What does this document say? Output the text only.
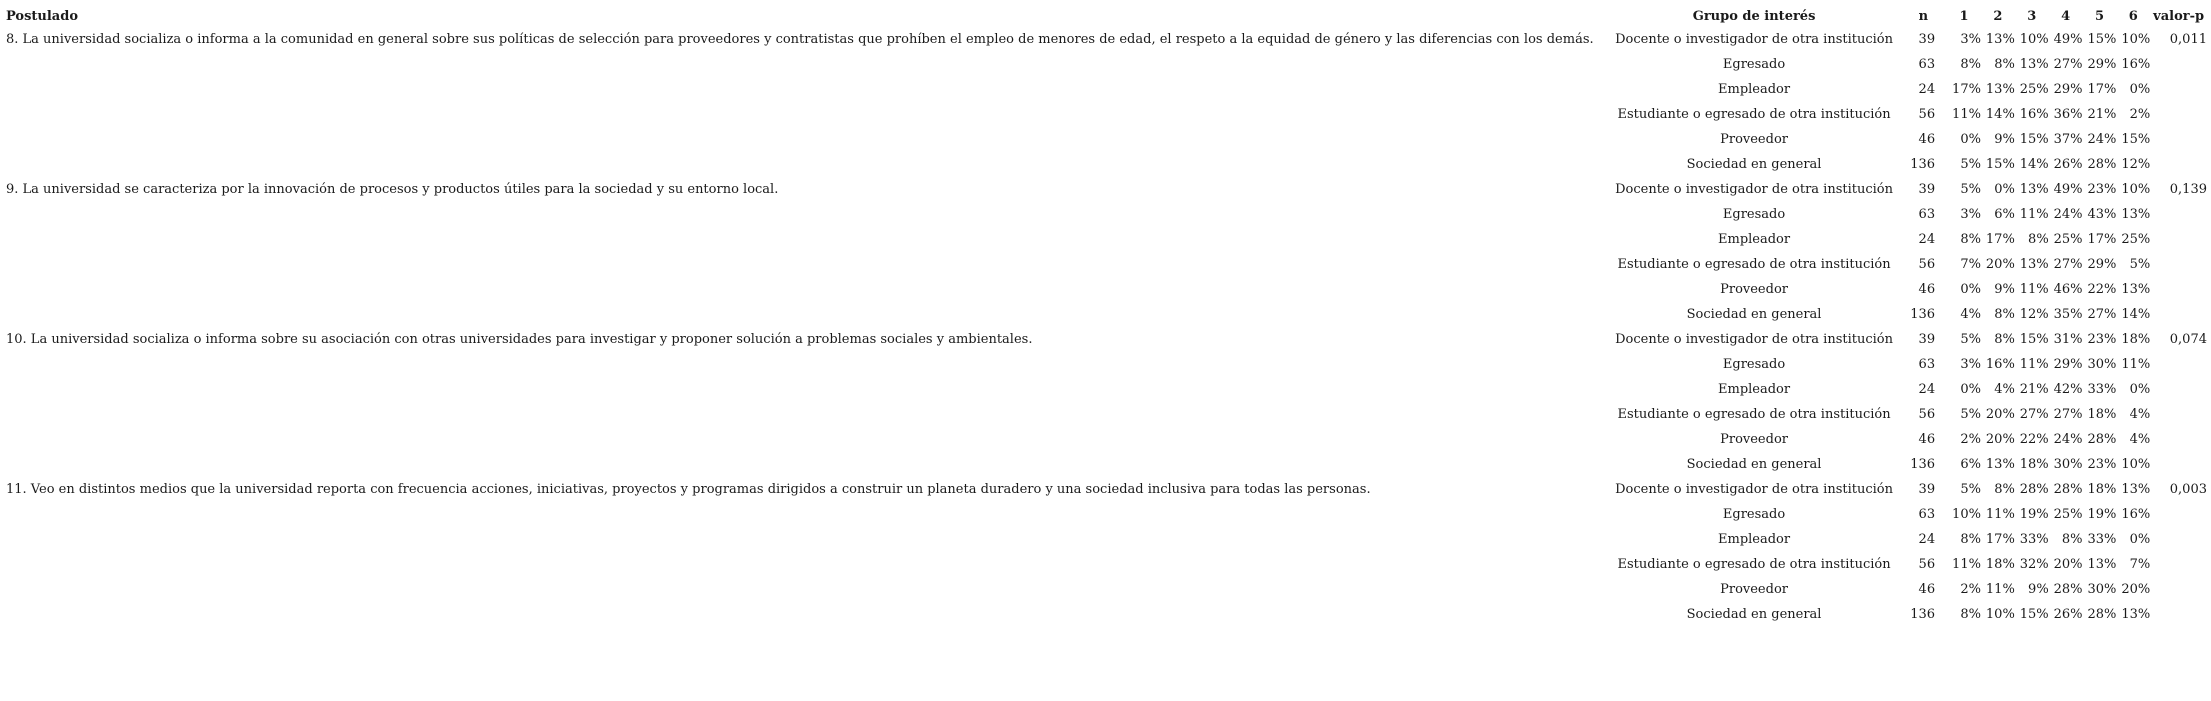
Postulado	Grupo de interés	n	1	2	3	4	5	6	valor-p
8. La universidad socializa o informa a la comunidad en general sobre sus políticas de selección para proveedores y contratistas que prohíben el empleo de menores de edad, el respeto a la equidad de género y las diferencias con los demás.	Docente o investigador de otra institución	39	3%	13%	10%	49%	15%	10%	0,011
	Egresado	63	8%	8%	13%	27%	29%	16%	
	Empleador	24	17%	13%	25%	29%	17%	0%	
	Estudiante o egresado de otra institución	56	11%	14%	16%	36%	21%	2%	
	Proveedor	46	0%	9%	15%	37%	24%	15%	
	Sociedad en general	136	5%	15%	14%	26%	28%	12%	
9. La universidad se caracteriza por la innovación de procesos y productos útiles para la sociedad y su entorno local.	Docente o investigador de otra institución	39	5%	0%	13%	49%	23%	10%	0,139
	Egresado	63	3%	6%	11%	24%	43%	13%	
	Empleador	24	8%	17%	8%	25%	17%	25%	
	Estudiante o egresado de otra institución	56	7%	20%	13%	27%	29%	5%	
	Proveedor	46	0%	9%	11%	46%	22%	13%	
	Sociedad en general	136	4%	8%	12%	35%	27%	14%	
10. La universidad socializa o informa sobre su asociación con otras universidades para investigar y proponer solución a problemas sociales y ambientales.	Docente o investigador de otra institución	39	5%	8%	15%	31%	23%	18%	0,074
	Egresado	63	3%	16%	11%	29%	30%	11%	
	Empleador	24	0%	4%	21%	42%	33%	0%	
	Estudiante o egresado de otra institución	56	5%	20%	27%	27%	18%	4%	
	Proveedor	46	2%	20%	22%	24%	28%	4%	
	Sociedad en general	136	6%	13%	18%	30%	23%	10%	
11. Veo en distintos medios que la universidad reporta con frecuencia acciones, iniciativas, proyectos y programas dirigidos a construir un planeta duradero y una sociedad inclusiva para todas las personas.	Docente o investigador de otra institución	39	5%	8%	28%	28%	18%	13%	0,003
	Egresado	63	10%	11%	19%	25%	19%	16%	
	Empleador	24	8%	17%	33%	8%	33%	0%	
	Estudiante o egresado de otra institución	56	11%	18%	32%	20%	13%	7%	
	Proveedor	46	2%	11%	9%	28%	30%	20%	
	Sociedad en general	136	8%	10%	15%	26%	28%	13%	
